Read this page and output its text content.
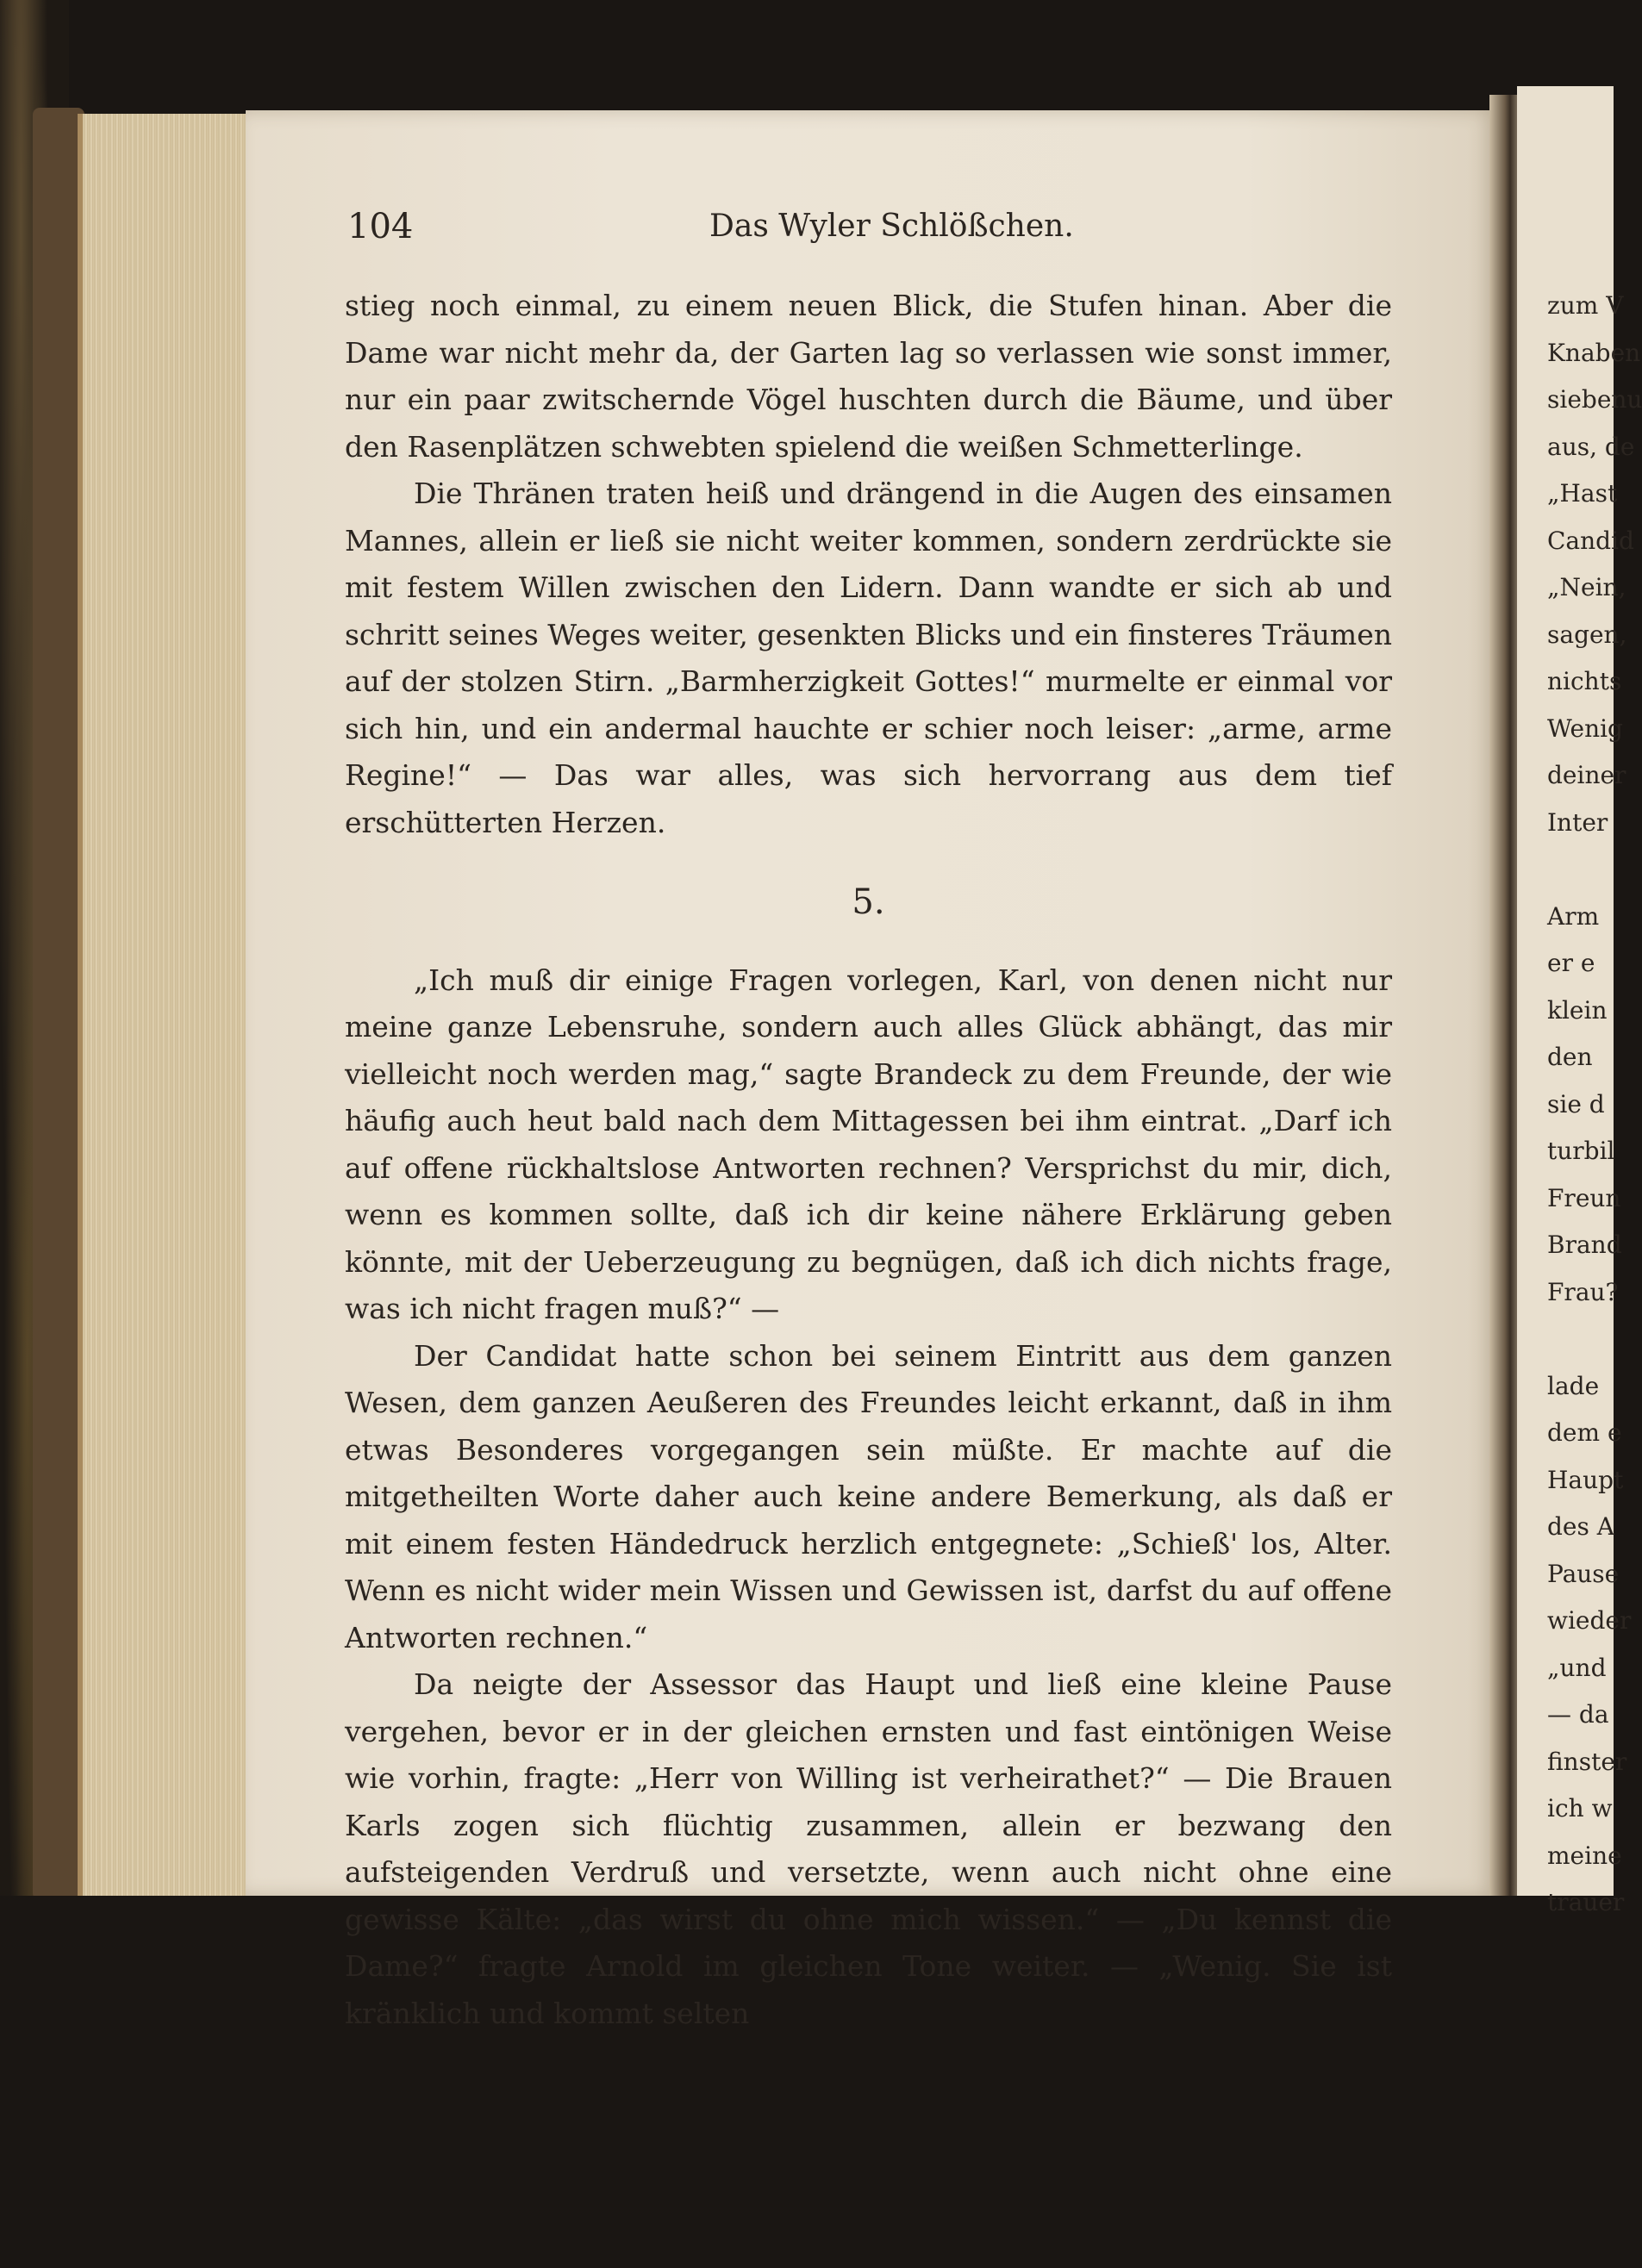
104	Das Wyler Schlößchen.

stieg noch einmal, zu einem neuen Blick, die Stufen hinan. Aber die Dame war nicht mehr da, der Garten lag so verlassen wie sonst immer, nur ein paar zwitschernde Vögel huschten durch die Bäume, und über den Rasenplätzen schwebten spielend die weißen Schmetterlinge.

Die Thränen traten heiß und drängend in die Augen des einsamen Mannes, allein er ließ sie nicht weiter kommen, sondern zerdrückte sie mit festem Willen zwischen den Lidern. Dann wandte er sich ab und schritt seines Weges weiter, gesenkten Blicks und ein finsteres Träumen auf der stolzen Stirn. „Barmherzigkeit Gottes!“ murmelte er einmal vor sich hin, und ein andermal hauchte er schier noch leiser: „arme, arme Regine!“ — Das war alles, was sich hervorrang aus dem tief erschütterten Herzen.

5.

„Ich muß dir einige Fragen vorlegen, Karl, von denen nicht nur meine ganze Lebensruhe, sondern auch alles Glück abhängt, das mir vielleicht noch werden mag,“ sagte Brandeck zu dem Freunde, der wie häufig auch heut bald nach dem Mittagessen bei ihm eintrat. „Darf ich auf offene rückhaltslose Antworten rechnen? Versprichst du mir, dich, wenn es kommen sollte, daß ich dir keine nähere Erklärung geben könnte, mit der Ueberzeugung zu begnügen, daß ich dich nichts frage, was ich nicht fragen muß?“ —

Der Candidat hatte schon bei seinem Eintritt aus dem ganzen Wesen, dem ganzen Aeußeren des Freundes leicht erkannt, daß in ihm etwas Besonderes vorgegangen sein müßte. Er machte auf die mitgetheilten Worte daher auch keine andere Bemerkung, als daß er mit einem festen Händedruck herzlich entgegnete: „Schieß' los, Alter. Wenn es nicht wider mein Wissen und Gewissen ist, darfst du auf offene Antworten rechnen.“

Da neigte der Assessor das Haupt und ließ eine kleine Pause vergehen, bevor er in der gleichen ernsten und fast eintönigen Weise wie vorhin, fragte: „Herr von Willing ist verheirathet?“ — Die Brauen Karls zogen sich flüchtig zusammen, allein er bezwang den aufsteigenden Verdruß und versetzte, wenn auch nicht ohne eine gewisse Kälte: „das wirst du ohne mich wissen.“ — „Du kennst die Dame?“ fragte Arnold im gleichen Tone weiter. — „Wenig. Sie ist kränklich und kommt selten

zum V
Knaben
siebenu
aus, de
„Hast
Candid
„Nein,
sagen,
nichts
Wenig
deiner
Inter
Arm
er e
klein
den
sie d
turbil
Freun
Brand
Frau?
lade
dem e
Haupt
des A
Pause
wieder
„und
— da
finster
ich w
meine
trauer
